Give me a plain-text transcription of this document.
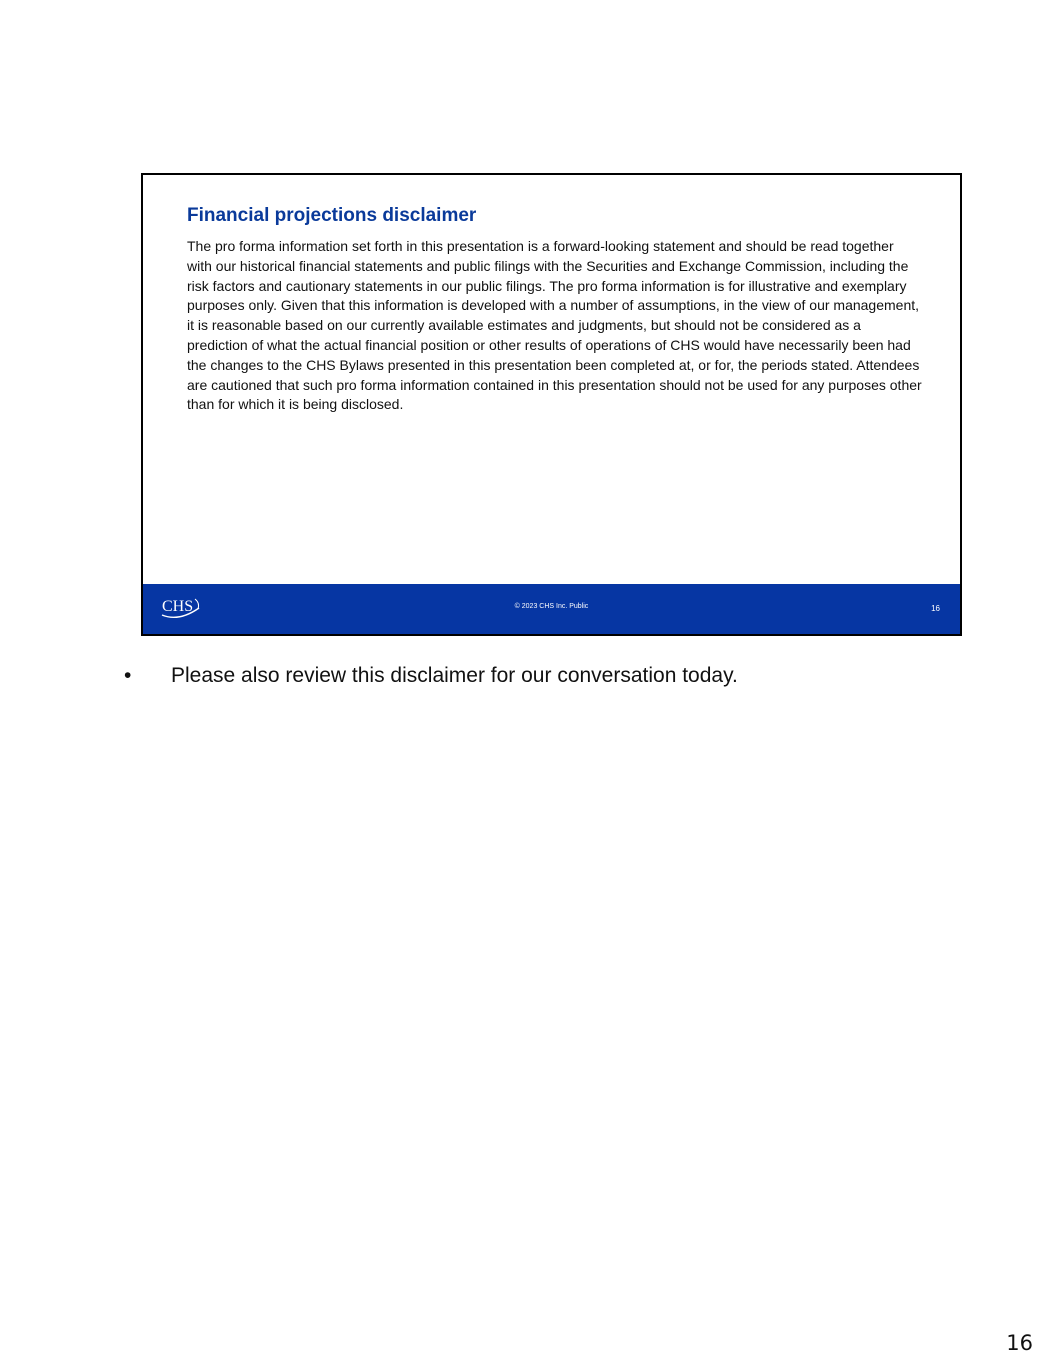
Financial projections disclaimer

The pro forma information set forth in this presentation is a forward-looking statement and should be read together with our historical financial statements and public filings with the Securities and Exchange Commission, including the risk factors and cautionary statements in our public filings. The pro forma information is for illustrative and exemplary purposes only. Given that this information is developed with a number of assumptions, in the view of our management, it is reasonable based on our currently available estimates and judgments, but should not be considered as a prediction of what the actual financial position or other results of operations of CHS would have necessarily been had the changes to the CHS Bylaws presented in this presentation been completed at, or for, the periods stated. Attendees are cautioned that such pro forma information contained in this presentation should not be used for any purposes other than for which it is being disclosed.

CHS	© 2023 CHS Inc. Public	16
•	Please also review this disclaimer for our conversation today.
16
